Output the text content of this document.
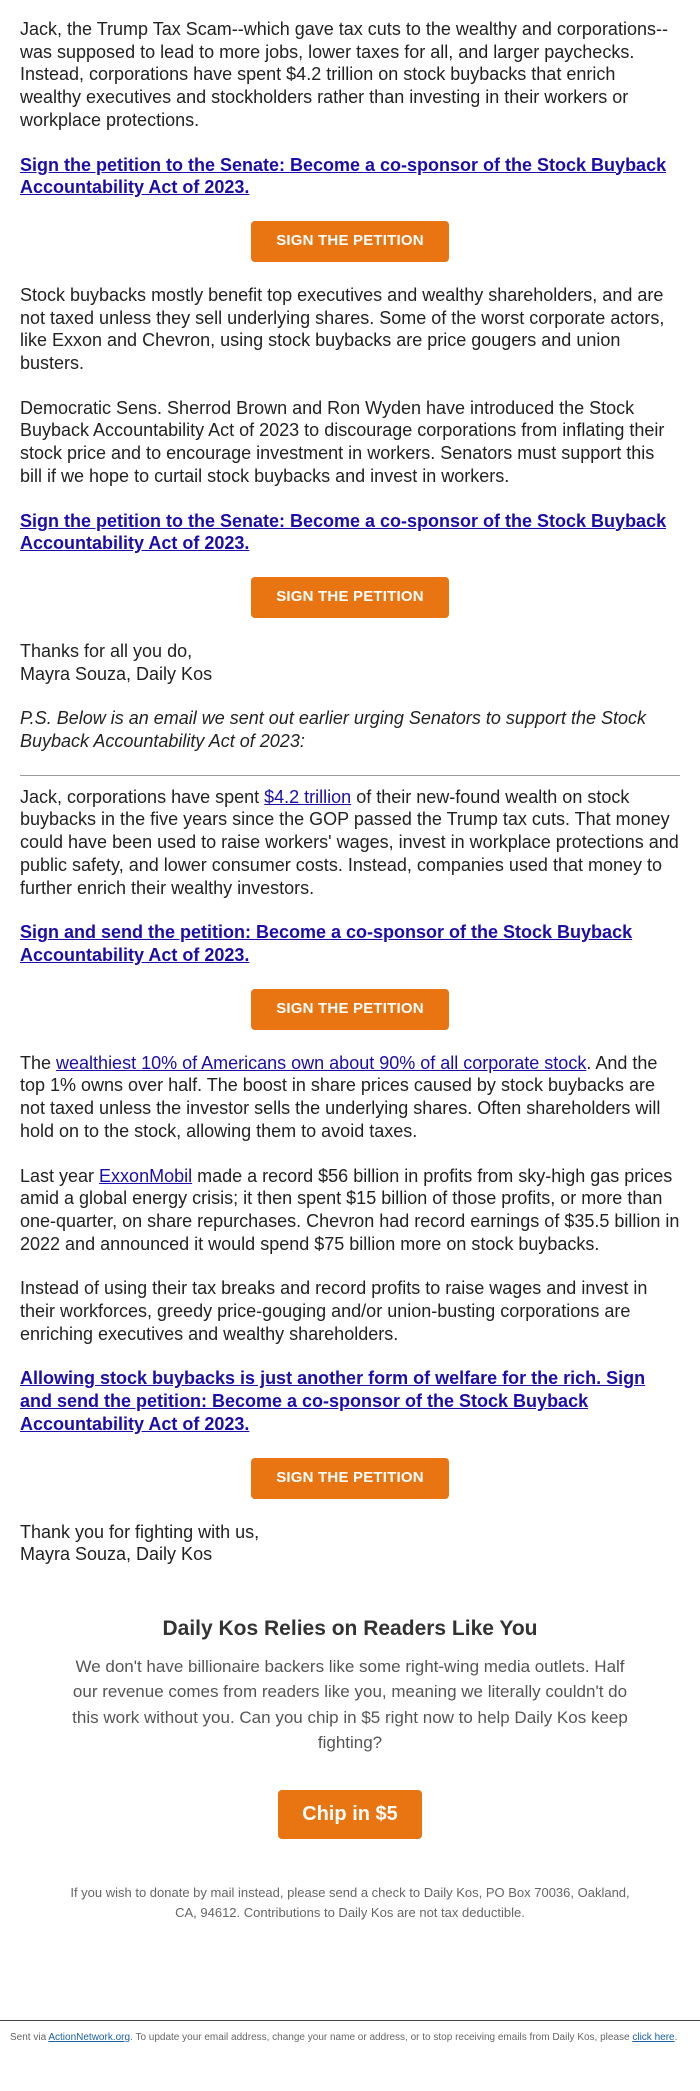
Jack, the Trump Tax Scam--which gave tax cuts to the wealthy and corporations--was supposed to lead to more jobs, lower taxes for all, and larger paychecks. Instead, corporations have spent $4.2 trillion on stock buybacks that enrich wealthy executives and stockholders rather than investing in their workers or workplace protections.

Sign the petition to the Senate: Become a co-sponsor of the Stock Buyback Accountability Act of 2023.

SIGN THE PETITION

Stock buybacks mostly benefit top executives and wealthy shareholders, and are not taxed unless they sell underlying shares. Some of the worst corporate actors, like Exxon and Chevron, using stock buybacks are price gougers and union busters.

Democratic Sens. Sherrod Brown and Ron Wyden have introduced the Stock Buyback Accountability Act of 2023 to discourage corporations from inflating their stock price and to encourage investment in workers. Senators must support this bill if we hope to curtail stock buybacks and invest in workers.

Sign the petition to the Senate: Become a co-sponsor of the Stock Buyback Accountability Act of 2023.

SIGN THE PETITION

Thanks for all you do,
Mayra Souza, Daily Kos

P.S. Below is an email we sent out earlier urging Senators to support the Stock Buyback Accountability Act of 2023:

Jack, corporations have spent $4.2 trillion of their new-found wealth on stock buybacks in the five years since the GOP passed the Trump tax cuts. That money could have been used to raise workers' wages, invest in workplace protections and public safety, and lower consumer costs. Instead, companies used that money to further enrich their wealthy investors.

Sign and send the petition: Become a co-sponsor of the Stock Buyback Accountability Act of 2023.

SIGN THE PETITION

The wealthiest 10% of Americans own about 90% of all corporate stock. And the top 1% owns over half. The boost in share prices caused by stock buybacks are not taxed unless the investor sells the underlying shares. Often shareholders will hold on to the stock, allowing them to avoid taxes.

Last year ExxonMobil made a record $56 billion in profits from sky-high gas prices amid a global energy crisis; it then spent $15 billion of those profits, or more than one-quarter, on share repurchases. Chevron had record earnings of $35.5 billion in 2022 and announced it would spend $75 billion more on stock buybacks.

Instead of using their tax breaks and record profits to raise wages and invest in their workforces, greedy price-gouging and/or union-busting corporations are enriching executives and wealthy shareholders.

Allowing stock buybacks is just another form of welfare for the rich. Sign and send the petition: Become a co-sponsor of the Stock Buyback Accountability Act of 2023.

SIGN THE PETITION

Thank you for fighting with us,
Mayra Souza, Daily Kos

Daily Kos Relies on Readers Like You

We don't have billionaire backers like some right-wing media outlets. Half our revenue comes from readers like you, meaning we literally couldn't do this work without you. Can you chip in $5 right now to help Daily Kos keep fighting?

Chip in $5

If you wish to donate by mail instead, please send a check to Daily Kos, PO Box 70036, Oakland, CA, 94612. Contributions to Daily Kos are not tax deductible.

Sent via ActionNetwork.org. To update your email address, change your name or address, or to stop receiving emails from Daily Kos, please click here.
